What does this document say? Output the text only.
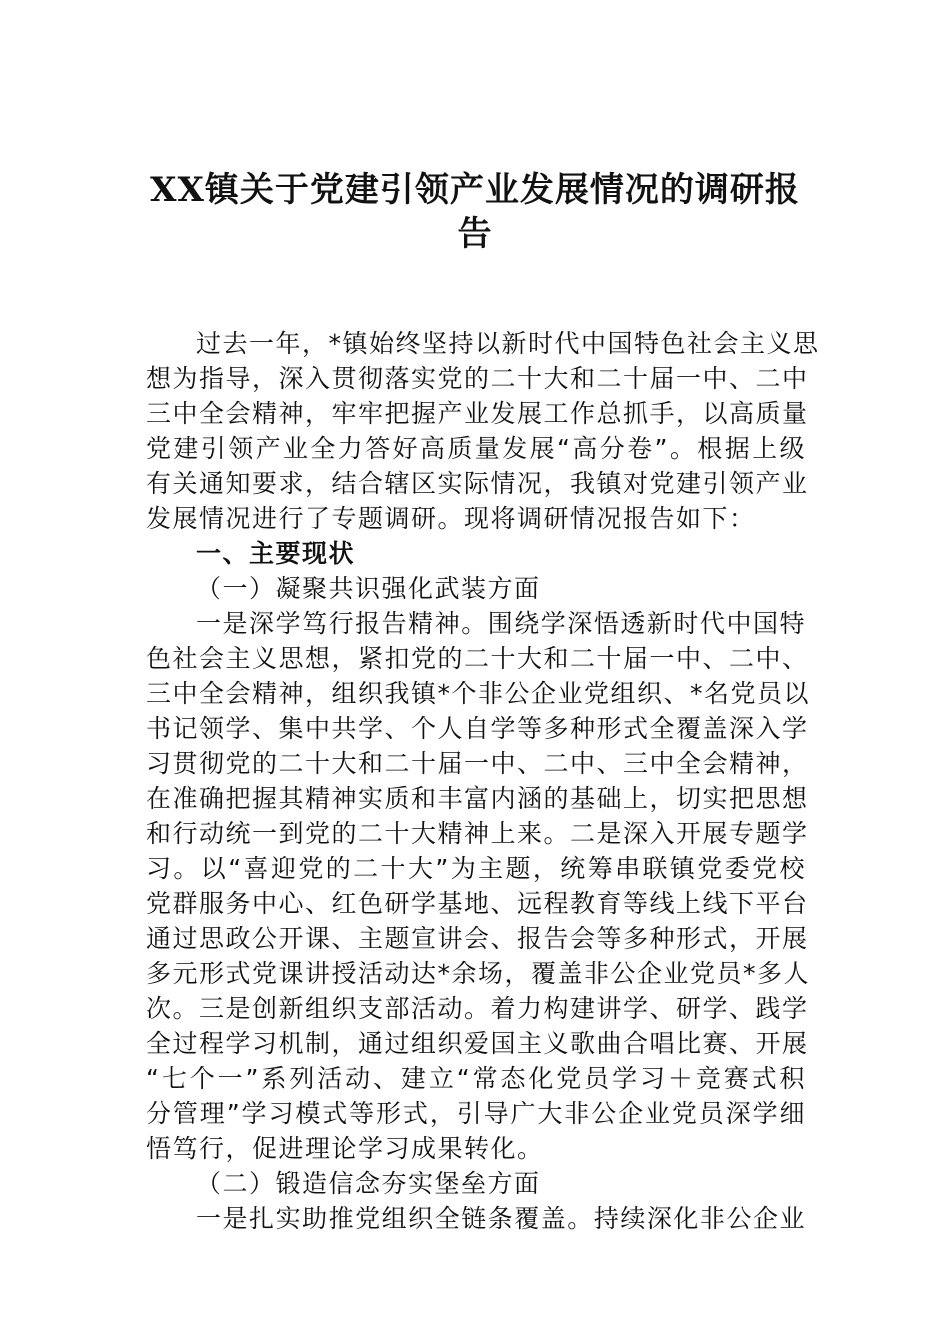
XX镇关于党建引领产业发展情况的调研报
告
过去一年，*镇始终坚持以新时代中国特色社会主义思
想为指导，深入贯彻落实党的二十大和二十届一中、二中
三中全会精神，牢牢把握产业发展工作总抓手，以高质量
党建引领产业全力答好高质量发展“高分卷”。根据上级
有关通知要求，结合辖区实际情况，我镇对党建引领产业
发展情况进行了专题调研。现将调研情况报告如下：
一、主要现状
（一）凝聚共识强化武装方面
一是深学笃行报告精神。围绕学深悟透新时代中国特
色社会主义思想，紧扣党的二十大和二十届一中、二中、
三中全会精神，组织我镇*个非公企业党组织、*名党员以
书记领学、集中共学、个人自学等多种形式全覆盖深入学
习贯彻党的二十大和二十届一中、二中、三中全会精神，
在准确把握其精神实质和丰富内涵的基础上，切实把思想
和行动统一到党的二十大精神上来。二是深入开展专题学
习。以“喜迎党的二十大”为主题，统筹串联镇党委党校
党群服务中心、红色研学基地、远程教育等线上线下平台
通过思政公开课、主题宣讲会、报告会等多种形式，开展
多元形式党课讲授活动达*余场，覆盖非公企业党员*多人
次。三是创新组织支部活动。着力构建讲学、研学、践学
全过程学习机制，通过组织爱国主义歌曲合唱比赛、开展
“七个一”系列活动、建立“常态化党员学习＋竞赛式积
分管理”学习模式等形式，引导广大非公企业党员深学细
悟笃行，促进理论学习成果转化。
（二）锻造信念夯实堡垒方面
一是扎实助推党组织全链条覆盖。持续深化非公企业
